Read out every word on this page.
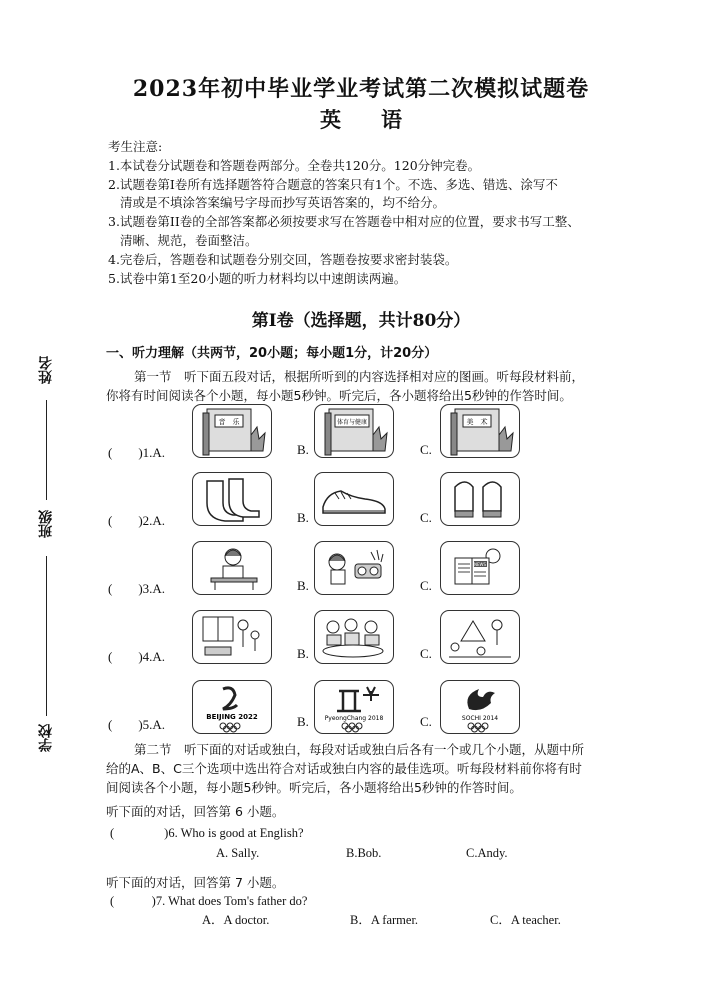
2023年初中毕业学业考试第二次模拟试题卷
英语
考生注意:
1.本试卷分试题卷和答题卷两部分。全卷共120分。120分钟完卷。
2.试题卷第I卷所有选择题答符合题意的答案只有1个。不选、多选、错选、涂写不
清或是不填涂答案编号字母而抄写英语答案的，均不给分。
3.试题卷第II卷的全部答案都必须按要求写在答题卷中相对应的位置，要求书写工整、
清晰、规范，卷面整洁。
4.完卷后，答题卷和试题卷分别交回，答题卷按要求密封装袋。
5.试卷中第1至20小题的听力材料均以中速朗读两遍。
第Ⅰ卷（选择题，共计80分）
一、听力理解（共两节，20小题；每小题1分，计20分）
第一节　听下面五段对话，根据所听到的内容选择相对应的图画。听每段材料前，
你将有时间阅读各个小题，每小题5秒钟。听完后，各小题将给出5秒钟的作答时间。
(　　)1.A.
音　乐
B.
体育与健康
C.
美　术
(　　)2.A.	B.	C.
(　　)3.A.	B.	C.
NEWS
(　　)4.A.	B.	C.
(　　)5.A.	BEIJING 2022	B.	PyeongChang 2018	C.	SOCHI 2014
第二节　听下面的对话或独白，每段对话或独白后各有一个或几个小题，从题中所
给的A、B、C三个选项中选出符合对话或独白内容的最佳选项。听每段材料前你将有时
间阅读各个小题，每小题5秒钟。听完后，各小题将给出5秒钟的作答时间。
听下面的对话，回答第 6 小题。
(　　　　)6. Who is good at English?
A. Sally.	B.Bob.	C.Andy.
听下面的对话，回答第 7 小题。
(　　　)7. What does Tom's father do?
A．A doctor.	B．A farmer.	C．A teacher.
姓名
班级
学校
